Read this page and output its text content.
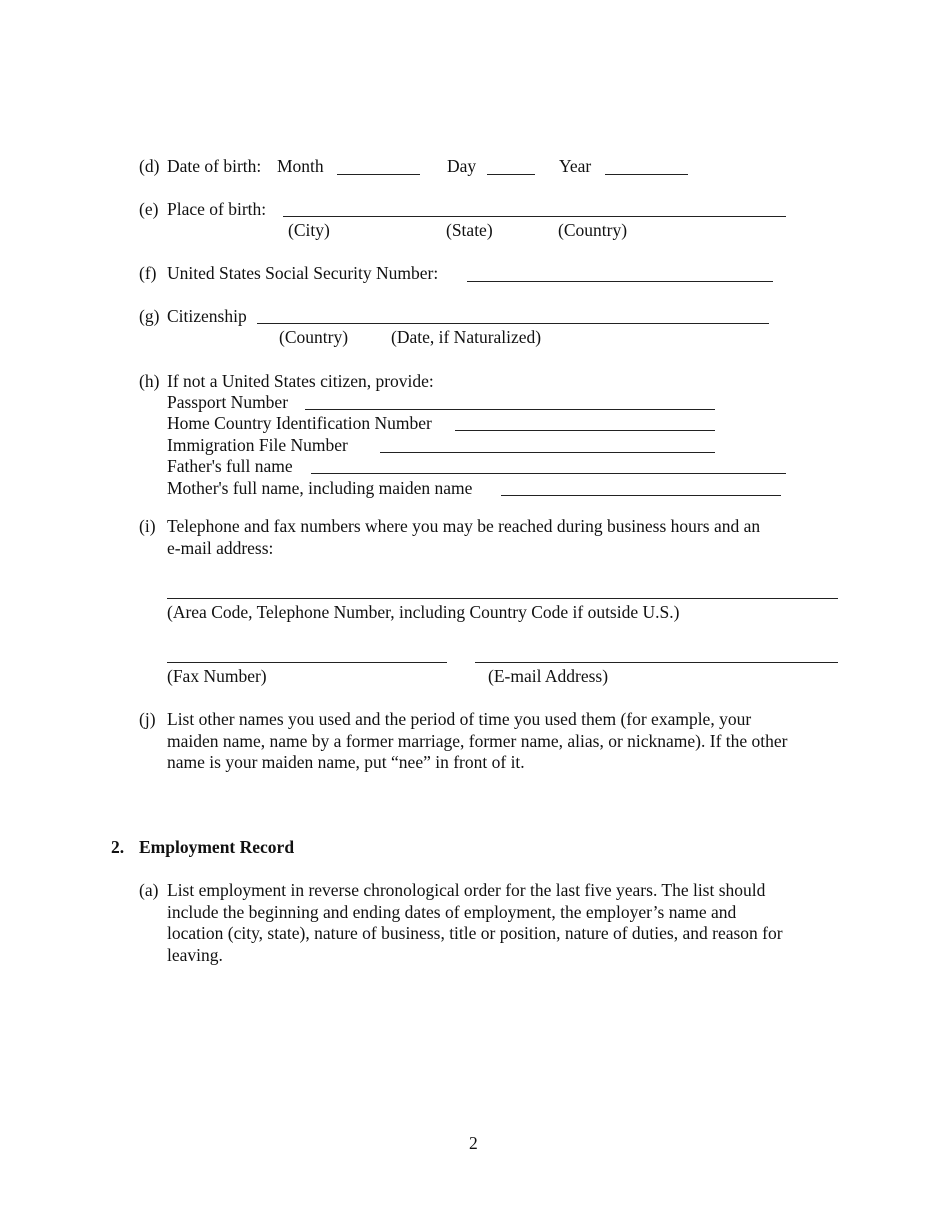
(d) Date of birth: Month	Day	Year
(e) Place of birth:
(City)	(State)	(Country)
(f) United States Social Security Number:
(g) Citizenship
(Country) (Date, if Naturalized)
(h) If not a United States citizen, provide:
Passport Number
Home Country Identification Number
Immigration File Number
Father's full name
Mother's full name, including maiden name
(i) Telephone and fax numbers where you may be reached during business hours and an
e-mail address:
(Area Code, Telephone Number, including Country Code if outside U.S.)
(Fax Number)	(E-mail Address)
(j) List other names you used and the period of time you used them (for example, your
maiden name, name by a former marriage, former name, alias, or nickname). If the other
name is your maiden name, put “nee” in front of it.
2. Employment Record
(a) List employment in reverse chronological order for the last five years. The list should
include the beginning and ending dates of employment, the employer’s name and
location (city, state), nature of business, title or position, nature of duties, and reason for
leaving.
2
